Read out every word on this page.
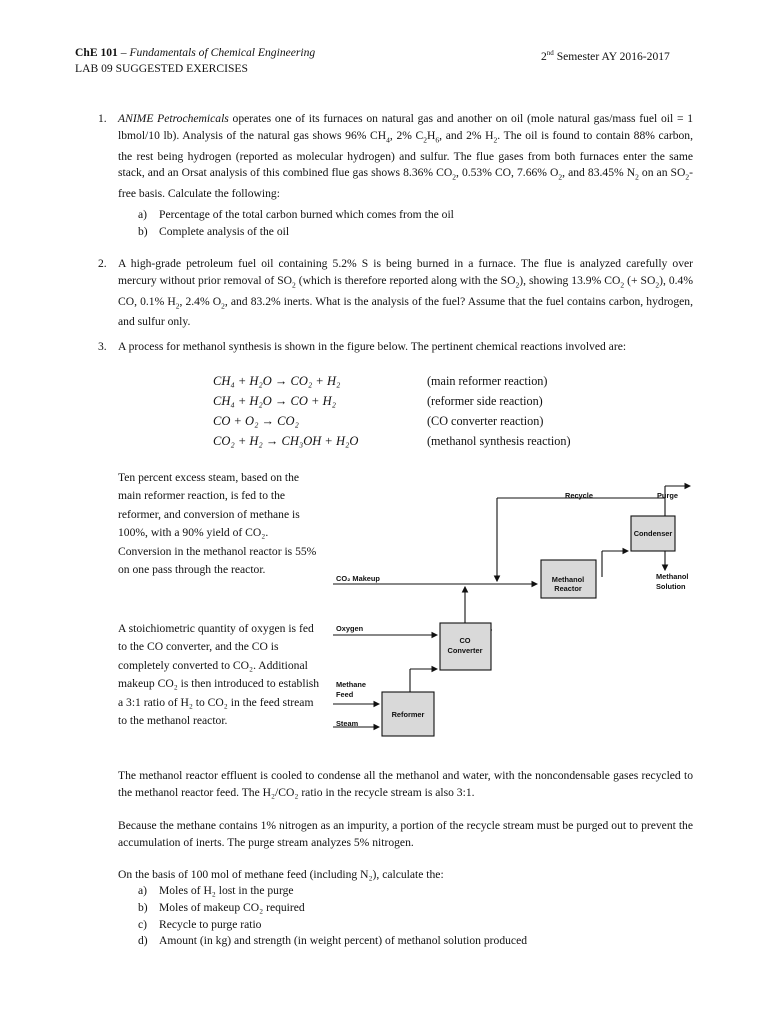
ChE 101 – Fundamentals of Chemical Engineering
LAB 09 SUGGESTED EXERCISES
2nd Semester AY 2016-2017
1. ANIME Petrochemicals operates one of its furnaces on natural gas and another on oil (mole natural gas/mass fuel oil = 1 lbmol/10 lb). Analysis of the natural gas shows 96% $CH_4$, 2% $C_2H_6$, and 2% $H_2$. The oil is found to contain 88% carbon, the rest being hydrogen (reported as molecular hydrogen) and sulfur. The flue gases from both furnaces enter the same stack, and an Orsat analysis of this combined flue gas shows 8.36% $CO_2$, 0.53% CO, 7.66% $O_2$, and 83.45% $N_2$ on an $SO_2$-free basis. Calculate the following:
a) Percentage of the total carbon burned which comes from the oil
b) Complete analysis of the oil
2. A high-grade petroleum fuel oil containing 5.2% S is being burned in a furnace. The flue is analyzed carefully over mercury without prior removal of $SO_2$ (which is therefore reported along with the $SO_2$), showing 13.9% $CO_2$ (+ $SO_2$), 0.4% CO, 0.1% $H_2$, 2.4% $O_2$, and 83.2% inerts. What is the analysis of the fuel? Assume that the fuel contains carbon, hydrogen, and sulfur only.
3. A process for methanol synthesis is shown in the figure below. The pertinent chemical reactions involved are:
CH₄ + H₂O → CO₂ + H₂	(main reformer reaction)
CH₄ + H₂O → CO + H₂	(reformer side reaction)
CO + O₂ → CO₂	(CO converter reaction)
CO₂ + H₂ → CH₃OH + H₂O	(methanol synthesis reaction)
Ten percent excess steam, based on the main reformer reaction, is fed to the reformer, and conversion of methane is 100%, with a 90% yield of CO₂. Conversion in the methanol reactor is 55% on one pass through the reactor.
A stoichiometric quantity of oxygen is fed to the CO converter, and the CO is completely converted to CO₂. Additional makeup CO₂ is then introduced to establish a 3:1 ratio of H₂ to CO₂ in the feed stream to the methanol reactor.
Recycle	Purge
Condenser
CO₂ Makeup	Methanol
Reactor
Methanol
Solution
Oxygen
CO
Converter
Methane
Feed
Steam
Reformer
The methanol reactor effluent is cooled to condense all the methanol and water, with the noncondensable gases recycled to the methanol reactor feed. The H₂/CO₂ ratio in the recycle stream is also 3:1.
Because the methane contains 1% nitrogen as an impurity, a portion of the recycle stream must be purged out to prevent the accumulation of inerts. The purge stream analyzes 5% nitrogen.
On the basis of 100 mol of methane feed (including N₂), calculate the:
a) Moles of H₂ lost in the purge
b) Moles of makeup CO₂ required
c) Recycle to purge ratio
d) Amount (in kg) and strength (in weight percent) of methanol solution produced
